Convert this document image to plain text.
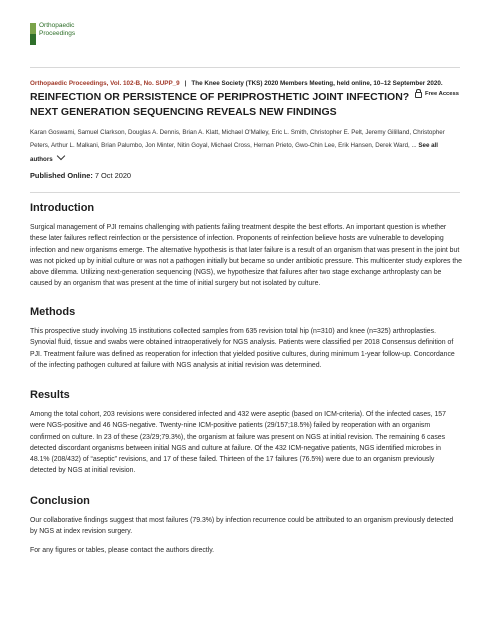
Orthopaedic
Proceedings
Orthopaedic Proceedings, Vol. 102-B, No. SUPP_9 | The Knee Society (TKS) 2020 Members Meeting, held online, 10–12 September 2020.
Free Access
REINFECTION OR PERSISTENCE OF PERIPROSTHETIC JOINT INFECTION? NEXT GENERATION SEQUENCING REVEALS NEW FINDINGS
Karan Goswami, Samuel Clarkson, Douglas A. Dennis, Brian A. Klatt, Michael O'Malley, Eric L. Smith, Christopher E. Pelt, Jeremy Gililland, Christopher Peters, Arthur L. Malkani, Brian Palumbo, Jon Minter, Nitin Goyal, Michael Cross, Hernan Prieto, Gwo-Chin Lee, Erik Hansen, Derek Ward, ... See all authors
Published Online: 7 Oct 2020
Introduction
Surgical management of PJI remains challenging with patients failing treatment despite the best efforts. An important question is whether these later failures reflect reinfection or the persistence of infection. Proponents of reinfection believe hosts are vulnerable to developing infection and new organisms emerge. The alternative hypothesis is that later failure is a result of an organism that was present in the joint but was not picked up by initial culture or was not a pathogen initially but became so under antibiotic pressure. This multicenter study explores the above dilemma. Utilizing next-generation sequencing (NGS), we hypothesize that failures after two stage exchange arthroplasty can be caused by an organism that was present at the time of initial surgery but not isolated by culture.
Methods
This prospective study involving 15 institutions collected samples from 635 revision total hip (n=310) and knee (n=325) arthroplasties. Synovial fluid, tissue and swabs were obtained intraoperatively for NGS analysis. Patients were classified per 2018 Consensus definition of PJI. Treatment failure was defined as reoperation for infection that yielded positive cultures, during minimum 1-year follow-up. Concordance of the infecting pathogen cultured at failure with NGS analysis at initial revision was determined.
Results
Among the total cohort, 203 revisions were considered infected and 432 were aseptic (based on ICM-criteria). Of the infected cases, 157 were NGS-positive and 46 NGS-negative. Twenty-nine ICM-positive patients (29/157;18.5%) failed by reoperation with an organism confirmed on culture. In 23 of these (23/29;79.3%), the organism at failure was present on NGS at initial revision. The remaining 6 cases detected discordant organisms between initial NGS and culture at failure. Of the 432 ICM-negative patients, NGS identified microbes in 48.1% (208/432) of “aseptic” revisions, and 17 of these failed. Thirteen of the 17 failures (76.5%) were due to an organism previously detected by NGS at initial revision.
Conclusion
Our collaborative findings suggest that most failures (79.3%) by infection recurrence could be attributed to an organism previously detected by NGS at index revision surgery.
For any figures or tables, please contact the authors directly.
